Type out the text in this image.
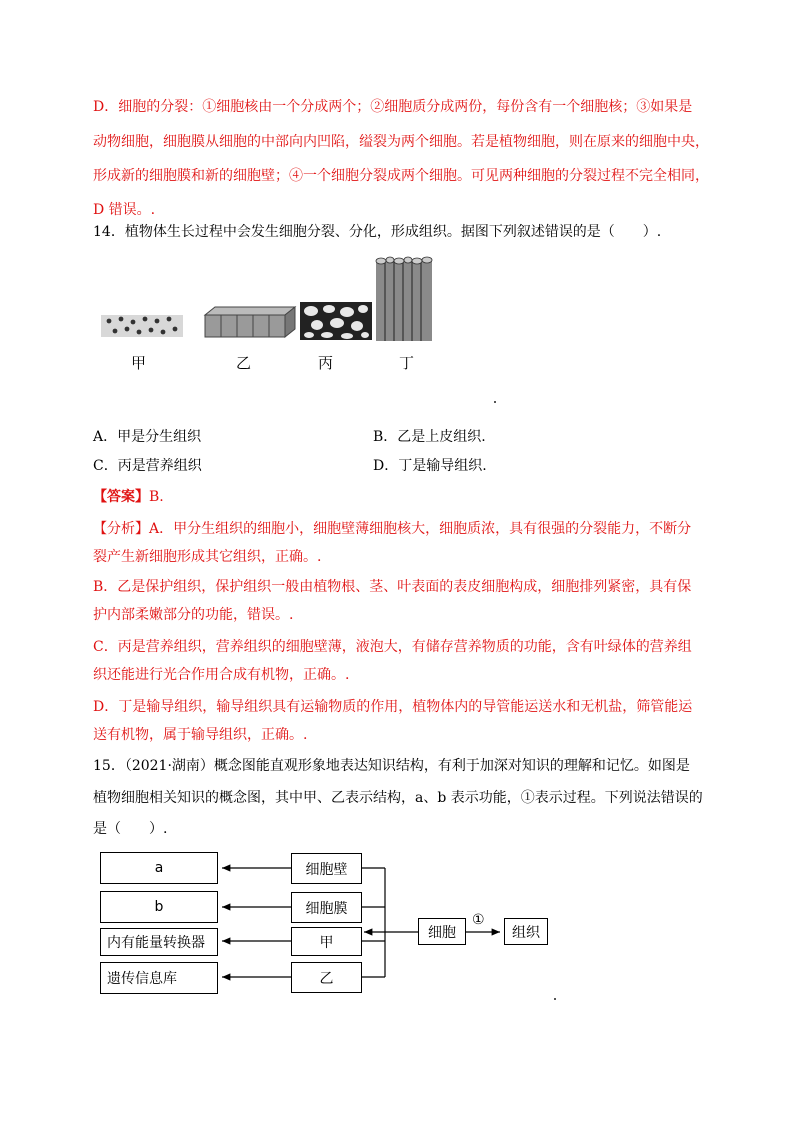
D．细胞的分裂：①细胞核由一个分成两个；②细胞质分成两份，每份含有一个细胞核；③如果是
动物细胞，细胞膜从细胞的中部向内凹陷，缢裂为两个细胞。若是植物细胞，则在原来的细胞中央，
形成新的细胞膜和新的细胞壁；④一个细胞分裂成两个细胞。可见两种细胞的分裂过程不完全相同，
D 错误。.
14．植物体生长过程中会发生细胞分裂、分化，形成组织。据图下列叙述错误的是（　　）.
甲	乙	丙	丁
A．甲是分生组织	B．乙是上皮组织.
C．丙是营养组织	D．丁是输导组织.
【答案】B.
【分析】A．甲分生组织的细胞小，细胞壁薄细胞核大，细胞质浓，具有很强的分裂能力，不断分
裂产生新细胞形成其它组织，正确。.
B．乙是保护组织，保护组织一般由植物根、茎、叶表面的表皮细胞构成，细胞排列紧密，具有保
护内部柔嫩部分的功能，错误。.
C．丙是营养组织，营养组织的细胞壁薄，液泡大，有储存营养物质的功能，含有叶绿体的营养组
织还能进行光合作用合成有机物，正确。.
D．丁是输导组织，输导组织具有运输物质的作用，植物体内的导管能运送水和无机盐，筛管能运
送有机物，属于输导组织，正确。.
15．（2021·湖南）概念图能直观形象地表达知识结构，有利于加深对知识的理解和记忆。如图是
植物细胞相关知识的概念图，其中甲、乙表示结构，a、b 表示功能，①表示过程。下列说法错误的
是（　　）.
a
b
内有能量转换器
遗传信息库
细胞壁
细胞膜
甲
乙
细胞
①
组织
